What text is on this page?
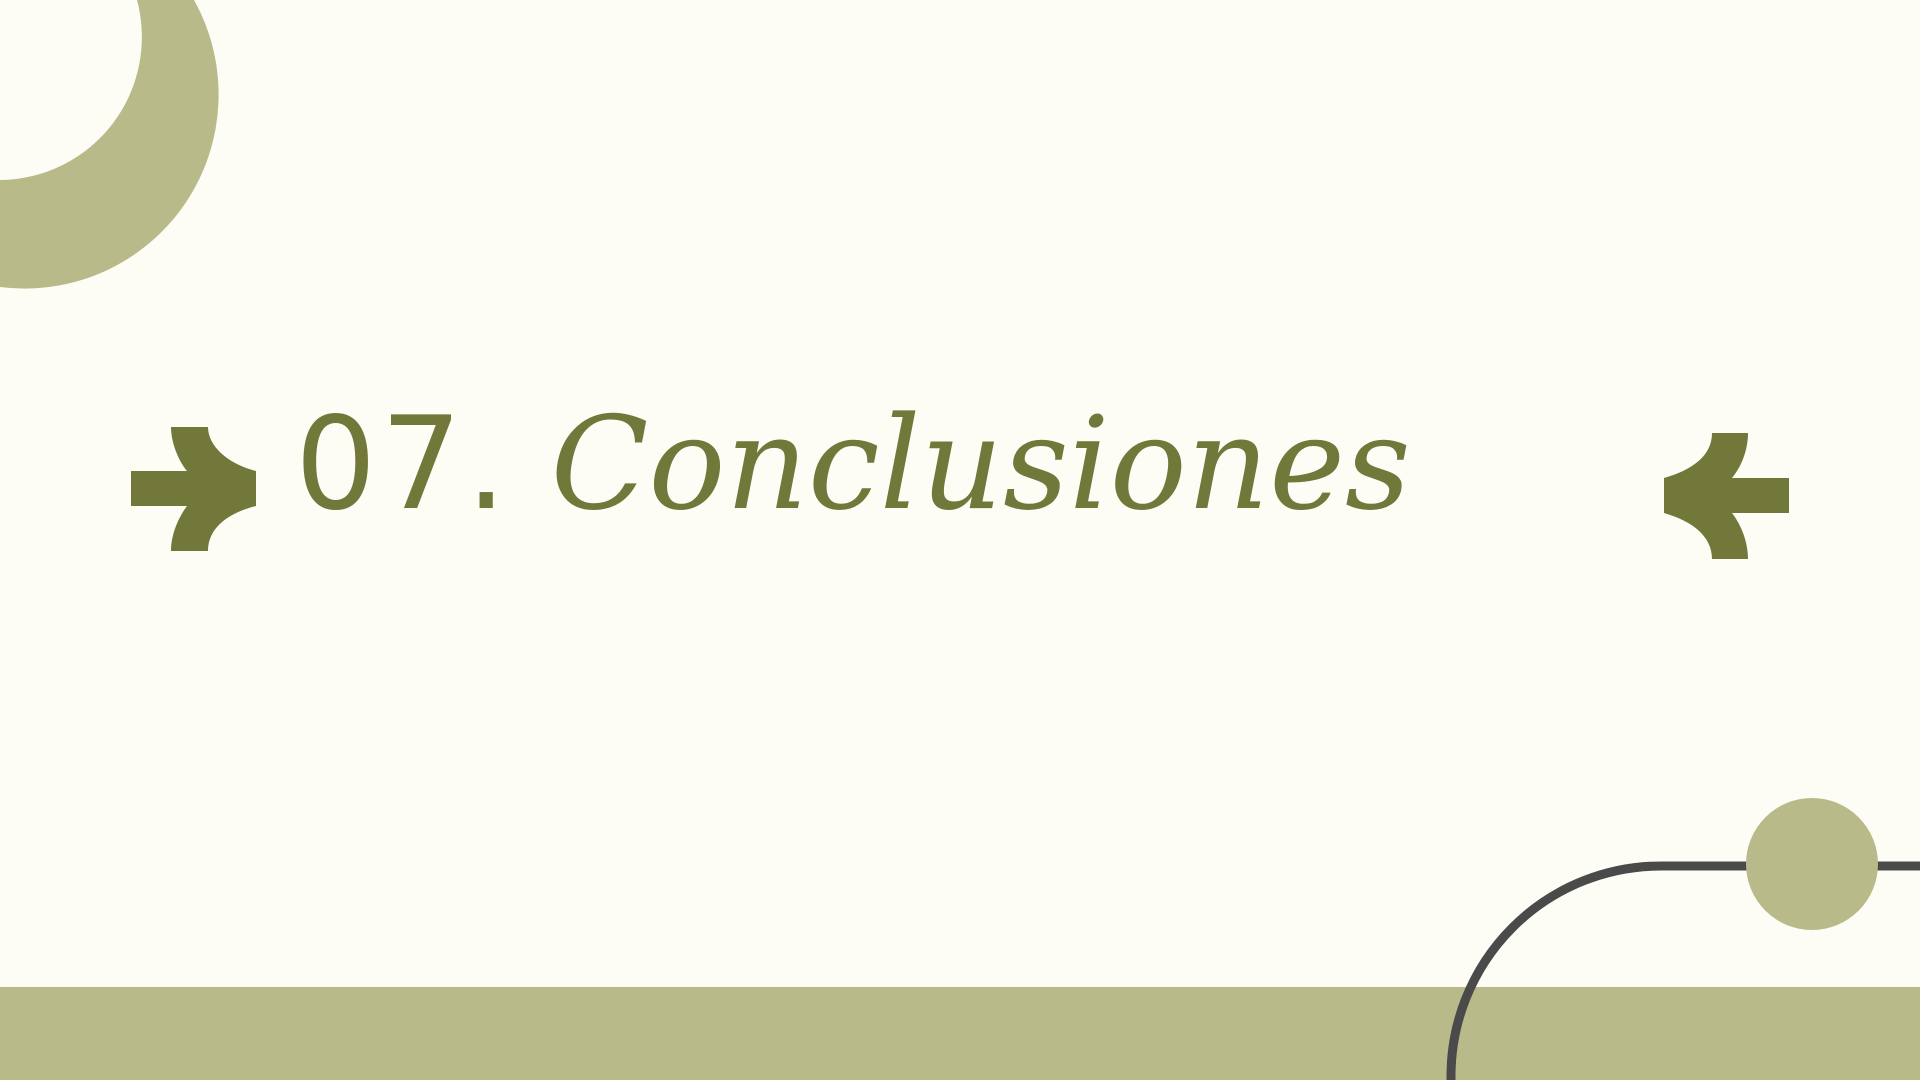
07. Conclusiones
